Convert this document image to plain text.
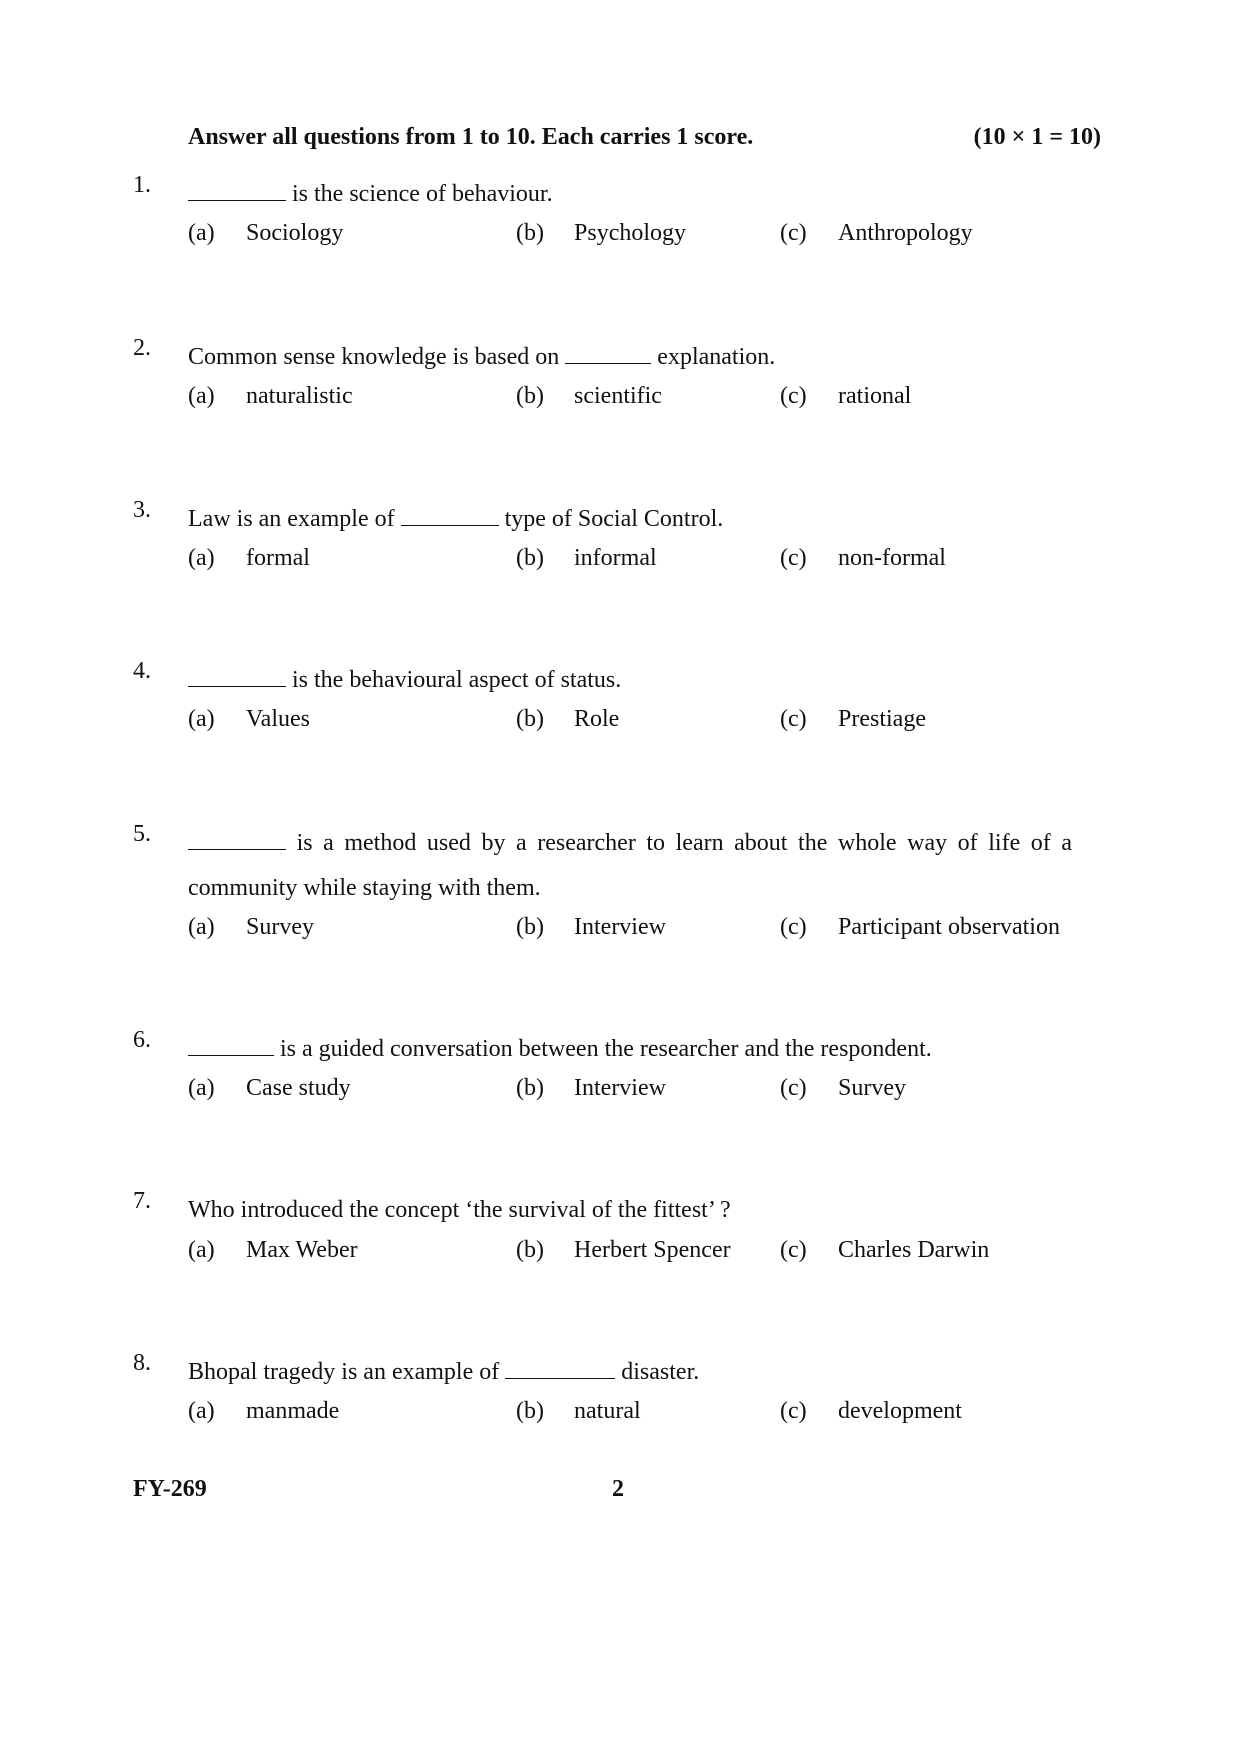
Answer all questions from 1 to 10. Each carries 1 score.	(10 × 1 = 10)
1.	is the science of behaviour.
(a) Sociology	(b) Psychology	(c) Anthropology
2. Common sense knowledge is based on	explanation.
(a) naturalistic	(b) scientific	(c) rational
3. Law is an example of	type of Social Control.
(a) formal	(b) informal	(c) non-formal
4.	is the behavioural aspect of status.
(a) Values	(b) Role	(c) Prestiage
5.	is a method used by a researcher to learn about the whole way of life of a community while staying with them.
(a) Survey	(b) Interview	(c) Participant observation
6.	is a guided conversation between the researcher and the respondent.
(a) Case study	(b) Interview	(c) Survey
7. Who introduced the concept ‘the survival of the fittest’ ?
(a) Max Weber	(b) Herbert Spencer (c) Charles Darwin
8. Bhopal tragedy is an example of	disaster.
(a) manmade	(b) natural	(c) development
FY-269	2
